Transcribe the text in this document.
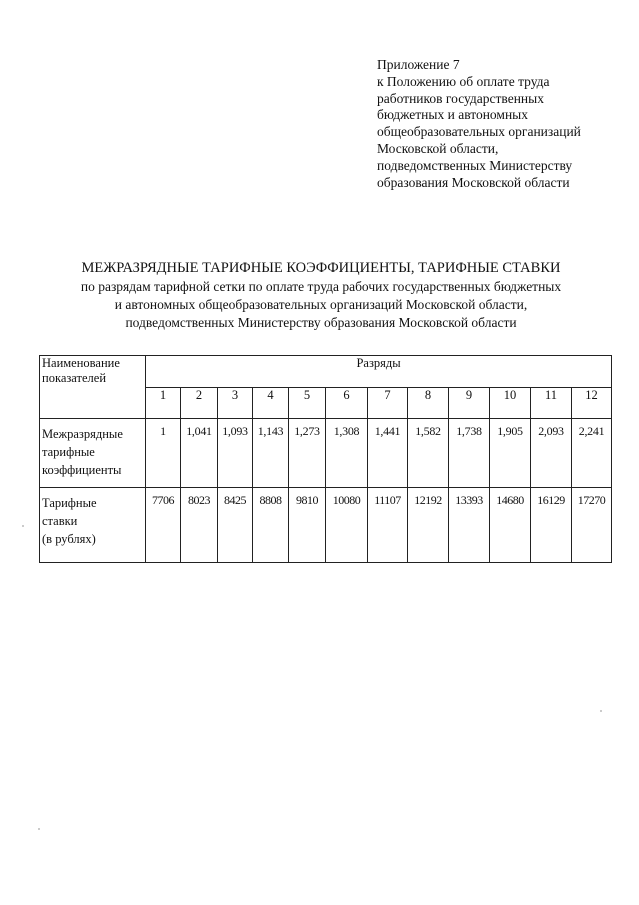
Приложение 7
к Положению об оплате труда
работников государственных
бюджетных и автономных
общеобразовательных организаций
Московской области,
подведомственных Министерству
образования Московской области
МЕЖРАЗРЯДНЫЕ ТАРИФНЫЕ КОЭФФИЦИЕНТЫ, ТАРИФНЫЕ СТАВКИ
по разрядам тарифной сетки по оплате труда рабочих государственных бюджетных
и автономных общеобразовательных организаций Московской области,
подведомственных Министерству образования Московской области
Наименование показателей	Разряды											
	1	2	3	4	5	6	7	8	9	10	11	12
Межразрядные тарифные коэффициенты	1	1,041	1,093	1,143	1,273	1,308	1,441	1,582	1,738	1,905	2,093	2,241

Тарифные
ставки
(в рублях)	7706	8023	8425	8808	9810	10080	11107	12192	13393	14680	16129	17270
